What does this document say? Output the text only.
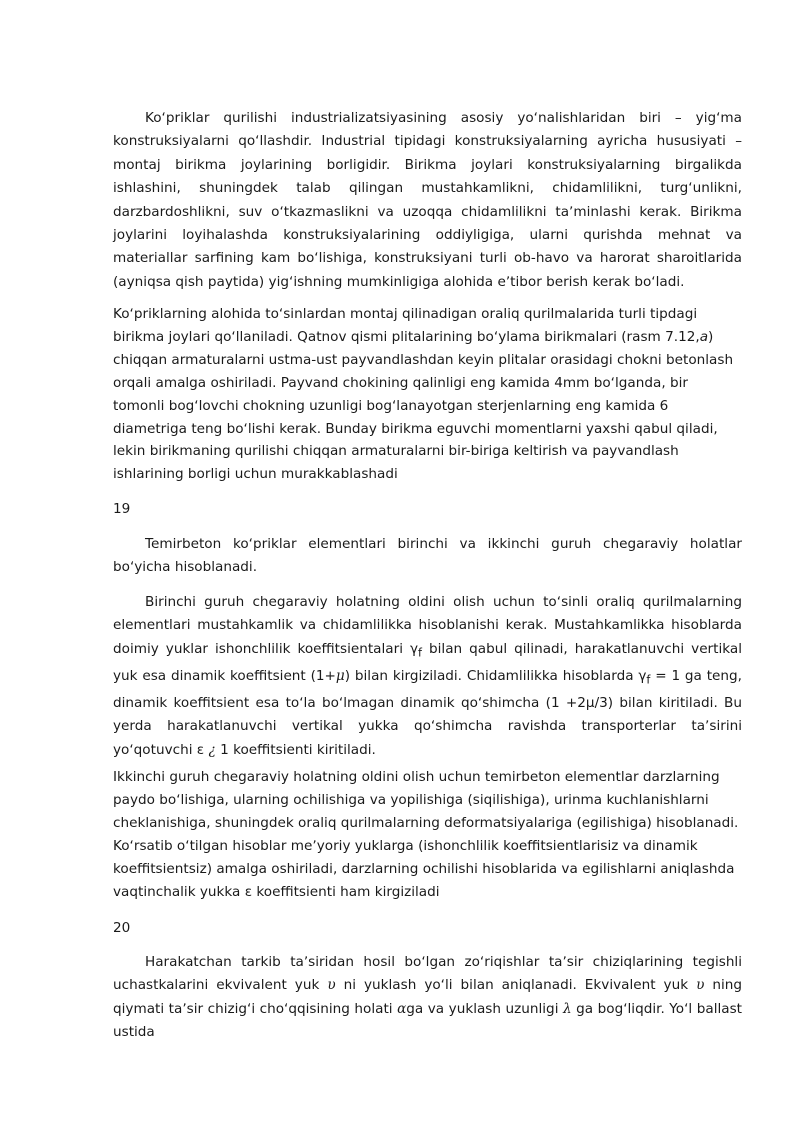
Koʻpriklar qurilishi industrializatsiyasining asosiy yoʻnalishlaridan biri – yigʻma konstruksiyalarni qoʻllashdir. Industrial tipidagi konstruksiyalarning ayricha hususiyati – montaj birikma joylarining borligidir. Birikma joylari konstruksiyalarning birgalikda ishlashini, shuningdek talab qilingan mustahkamlikni, chidamlilikni, turgʻunlikni, darzbardoshlikni, suv oʻtkazmaslikni va uzoqqa chidamlilikni taʼminlashi kerak. Birikma joylarini loyihalashda konstruksiyalarining oddiyligiga, ularni qurishda mehnat va materiallar sarfining kam boʻlishiga, konstruksiyani turli ob-havo va harorat sharoitlarida (ayniqsa qish paytida) yigʻishning mumkinligiga alohida eʼtibor berish kerak boʻladi.

Koʻpriklarning alohida toʻsinlardan montaj qilinadigan oraliq qurilmalarida turli tipdagi birikma joylari qoʻllaniladi. Qatnov qismi plitalarining boʻylama birikmalari (rasm 7.12,a) chiqqan armaturalarni ustma-ust payvandlashdan keyin plitalar orasidagi chokni betonlash orqali amalga oshiriladi. Payvand chokining qalinligi eng kamida 4mm boʻlganda, bir tomonli bogʻlovchi chokning uzunligi bogʻlanayotgan sterjenlarning eng kamida 6 diametriga teng boʻlishi kerak. Bunday birikma eguvchi momentlarni yaxshi qabul qiladi, lekin birikmaning qurilishi chiqqan armaturalarni bir-biriga keltirish va payvandlash ishlarining borligi uchun murakkablashadi

19

Temirbeton koʻpriklar elementlari birinchi va ikkinchi guruh chegaraviy holatlar boʻyicha hisoblanadi.

Birinchi guruh chegaraviy holatning oldini olish uchun toʻsinli oraliq qurilmalarning elementlari mustahkamlik va chidamlilikka hisoblanishi kerak. Mustahkamlikka hisoblarda doimiy yuklar ishonchlilik koeffitsientalari $\gamma_f$ bilan qabul qilinadi, harakatlanuvchi vertikal yuk esa dinamik koeffitsient (1+μ) bilan kirgiziladi. Chidamlilikka hisoblarda $\gamma_f = 1$ ga teng, dinamik koeffitsient esa toʻla boʻlmagan dinamik qoʻshimcha (1 +2μ/3) bilan kiritiladi. Bu yerda harakatlanuvchi vertikal yukka qoʻshimcha ravishda transporterlar taʼsirini yoʻqotuvchi ε ¿ 1 koeffitsienti kiritiladi.

Ikkinchi guruh chegaraviy holatning oldini olish uchun temirbeton elementlar darzlarning paydo boʻlishiga, ularning ochilishiga va yopilishiga (siqilishiga), urinma kuchlanishlarni cheklanishiga, shuningdek oraliq qurilmalarning deformatsiyalariga (egilishiga) hisoblanadi. Koʻrsatib oʻtilgan hisoblar meʼyoriy yuklarga (ishonchlilik koeffitsientlarisiz va dinamik koeffitsientsiz) amalga oshiriladi, darzlarning ochilishi hisoblarida va egilishlarni aniqlashda vaqtinchalik yukka ε koeffitsienti ham kirgiziladi

20

Harakatchan tarkib taʼsiridan hosil boʻlgan zoʻriqishlar taʼsir chiziqlarining tegishli uchastkalarini ekvivalent yuk υ ni yuklash yoʻli bilan aniqlanadi. Ekvivalent yuk υ ning qiymati taʼsir chizigʻi choʻqqisining holati αga va yuklash uzunligi λ ga bogʻliqdir. Yoʻl ballast ustida
